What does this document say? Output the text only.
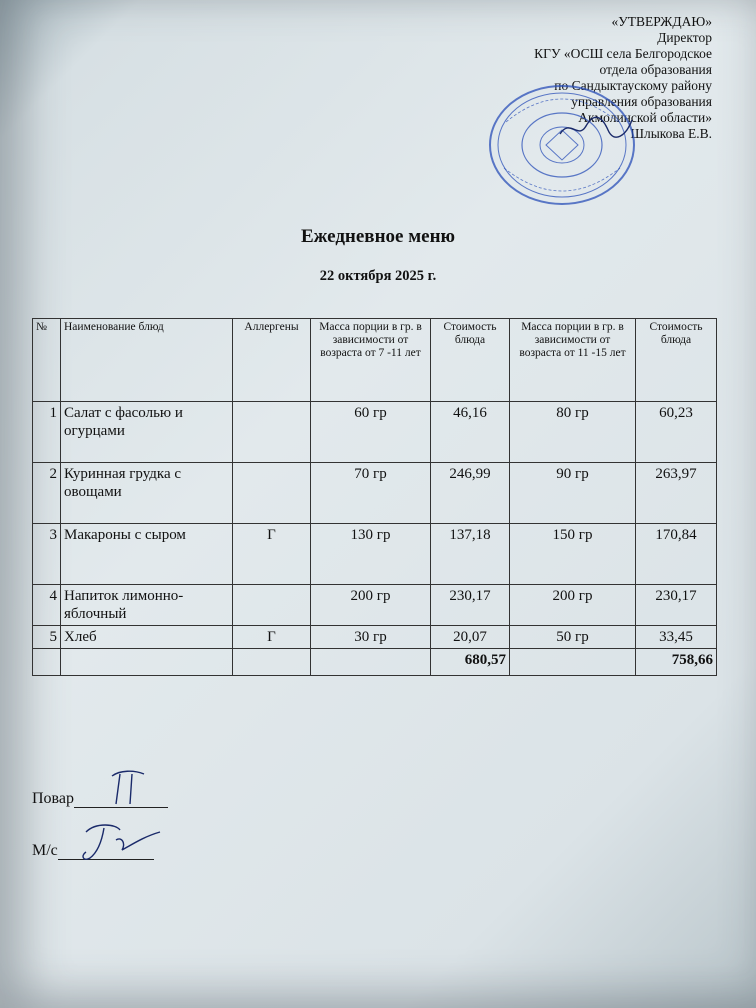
«УТВЕРЖДАЮ»
Директор
КГУ «ОСШ села Белгородское
отдела образования
по Сандыктаускому району
управления образования
Акмолинской области»
Шлыкова Е.В.
Ежедневное меню
22 октября 2025 г.
№	Наименование блюд	Аллергены	Масса порции в гр. в зависимости от возраста от 7 -11 лет	Стоимость блюда	Масса порции в гр. в зависимости от возраста от 11 -15 лет	Стоимость блюда
1	Салат с фасолью и огурцами		60 гр	46,16	80 гр	60,23
2	Куринная грудка с овощами		70 гр	246,99	90 гр	263,97
3	Макароны с сыром	Г	130 гр	137,18	150 гр	170,84
4	Напиток лимонно-яблочный		200 гр	230,17	200 гр	230,17
5	Хлеб	Г	30 гр	20,07	50 гр	33,45
				680,57		758,66
Повар
М/с
